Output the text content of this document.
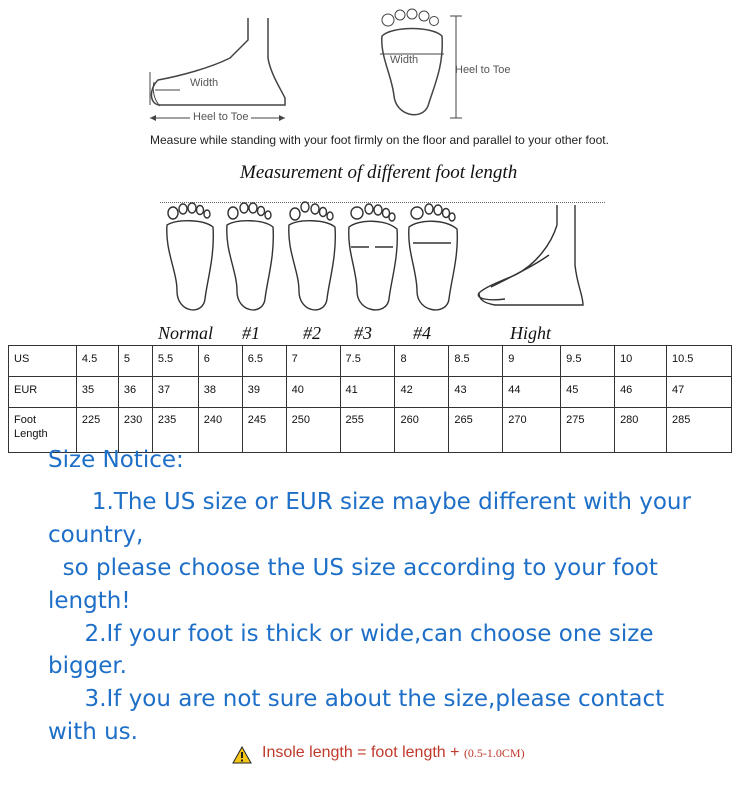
Width
Heel to Toe
Width
Heel to Toe
Measure while standing with your foot firmly on the floor and parallel to your other foot.
Measurement of different foot length
Normal #1 #2 #3 #4	Hight
US	4.5	5	5.5	6	6.5	7	7.5	8	8.5	9	9.5	10	10.5
EUR	35	36	37	38	39	40	41	42	43	44	45	46	47
Foot Length	225	230	235	240	245	250	255	260	265	270	275	280	285
Size Notice:
1.The US size or EUR size maybe different with your
country,
so please choose the US size according to your foot
length!
2.If your foot is thick or wide,can choose one size
bigger.
3.If you are not sure about the size,please contact
with us.
Insole length = foot length + (0.5-1.0CM)
